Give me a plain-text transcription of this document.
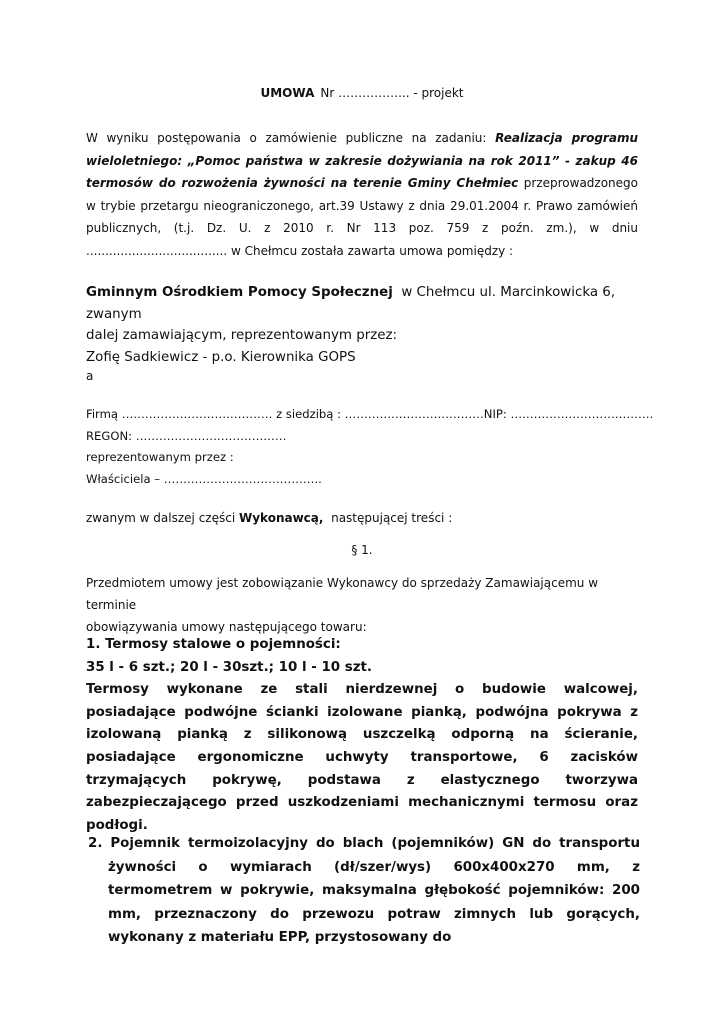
UMOWA Nr ……………... - projekt
W wyniku postępowania o zamówienie publiczne na zadaniu: Realizacja programu wieloletniego: „Pomoc państwa w zakresie dożywiania na rok 2011” - zakup 46 termosów do rozwożenia żywności na terenie Gminy Chełmiec przeprowadzonego w trybie przetargu nieograniczonego, art.39 Ustawy z dnia 29.01.2004 r. Prawo zamówień publicznych, (t.j. Dz. U. z 2010 r. Nr 113 poz. 759 z poźn. zm.), w dniu ..................................... w Chełmcu została zawarta umowa pomiędzy :
Gminnym Ośrodkiem Pomocy Społecznej w Chełmcu ul. Marcinkowicka 6, zwanym
dalej zamawiającym, reprezentowanym przez:
Zofię Sadkiewicz - p.o. Kierownika GOPS
a
Firmą ………………………………… z siedzibą : ………………………………NIP: ……………………………….
REGON: …………………………………
reprezentowanym przez :
Właściciela – …………………………………..
zwanym w dalszej części Wykonawcą, następującej treści :
§ 1.
Przedmiotem umowy jest zobowiązanie Wykonawcy do sprzedaży Zamawiającemu w terminie
obowiązywania umowy następującego towaru:
1. Termosy stalowe o pojemności:
35 l - 6 szt.; 20 l - 30szt.; 10 l - 10 szt.
Termosy wykonane ze stali nierdzewnej o budowie walcowej, posiadające podwójne ścianki izolowane pianką, podwójna pokrywa z izolowaną pianką z silikonową uszczelką odporną na ścieranie, posiadające ergonomiczne uchwyty transportowe, 6 zacisków trzymających pokrywę, podstawa z elastycznego tworzywa zabezpieczającego przed uszkodzeniami mechanicznymi termosu oraz podłogi.
2. Pojemnik termoizolacyjny do blach (pojemników) GN do transportu żywności o wymiarach (dł/szer/wys) 600x400x270 mm, z termometrem w pokrywie, maksymalna głębokość pojemników: 200 mm, przeznaczony do przewozu potraw zimnych lub gorących, wykonany z materiału EPP, przystosowany do
